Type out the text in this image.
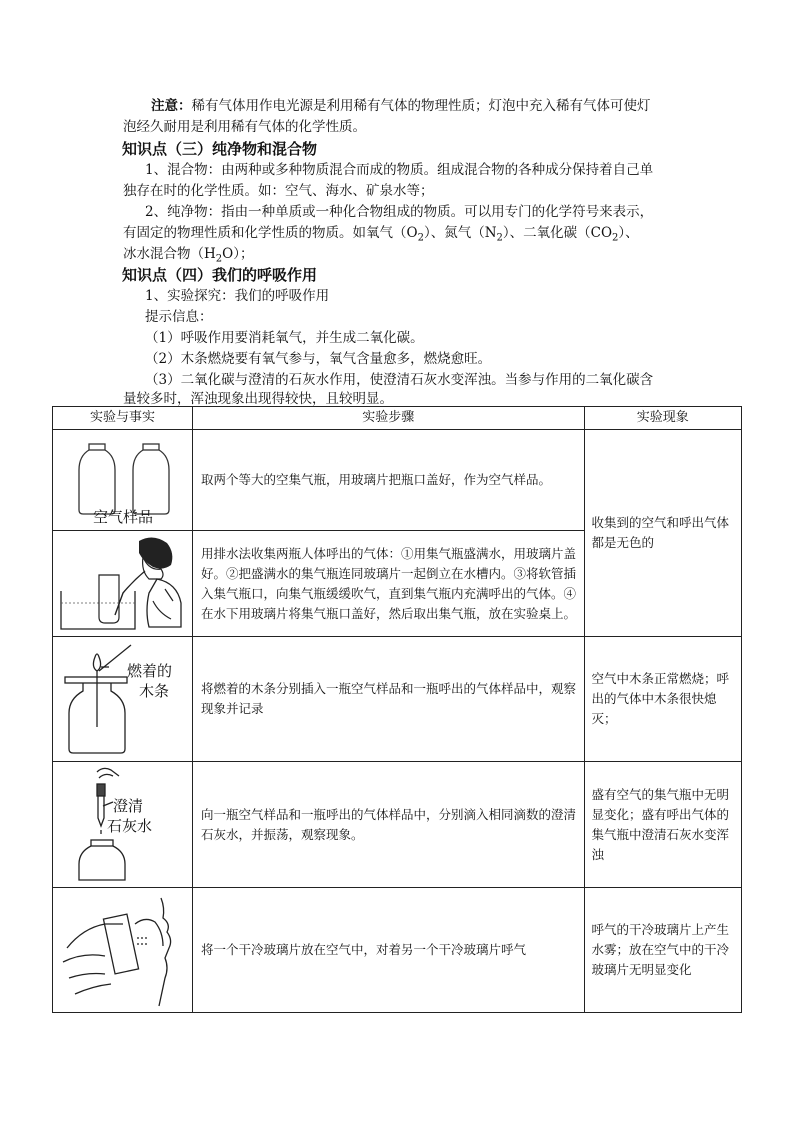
注意：稀有气体用作电光源是利用稀有气体的物理性质；灯泡中充入稀有气体可使灯
泡经久耐用是利用稀有气体的化学性质。
知识点（三）纯净物和混合物
1、混合物：由两种或多种物质混合而成的物质。组成混合物的各种成分保持着自己单
独存在时的化学性质。如：空气、海水、矿泉水等；
2、纯净物：指由一种单质或一种化合物组成的物质。可以用专门的化学符号来表示，
有固定的物理性质和化学性质的物质。如氧气$(O_2)$、氮气$(N_2)$、二氧化碳$(CO_2)$、
冰水混合物$(H_2O)$；
知识点（四）我们的呼吸作用
1、实验探究：我们的呼吸作用
提示信息：
（1）呼吸作用要消耗氧气，并生成二氧化碳。
（2）木条燃烧要有氧气参与，氧气含量愈多，燃烧愈旺。
（3）二氧化碳与澄清的石灰水作用，使澄清石灰水变浑浊。当参与作用的二氧化碳含
量较多时，浑浊现象出现得较快，且较明显。
实验与事实	实验步骤	实验现象

空气样品	取两个等大的空集气瓶，用玻璃片把瓶口盖好，作为空气样品。	收集到的空气和呼出气体都是无色的

	用排水法收集两瓶人体呼出的气体：①用集气瓶盛满水，用玻璃片盖好。②把盛满水的集气瓶连同玻璃片一起倒立在水槽内。③将软管插入集气瓶口，向集气瓶缓缓吹气，直到集气瓶内充满呼出的气体。④在水下用玻璃片将集气瓶口盖好，然后取出集气瓶，放在实验桌上。	

燃着的
木条	将燃着的木条分别插入一瓶空气样品和一瓶呼出的气体样品中，观察现象并记录	空气中木条正常燃烧；呼出的气体中木条很快熄灭；

澄清
石灰水	向一瓶空气样品和一瓶呼出的气体样品中，分别滴入相同滴数的澄清石灰水，并振荡，观察现象。	盛有空气的集气瓶中无明显变化；盛有呼出气体的集气瓶中澄清石灰水变浑浊

	将一个干冷玻璃片放在空气中，对着另一个干冷玻璃片呼气	呼气的干冷玻璃片上产生水雾；放在空气中的干冷玻璃片无明显变化
